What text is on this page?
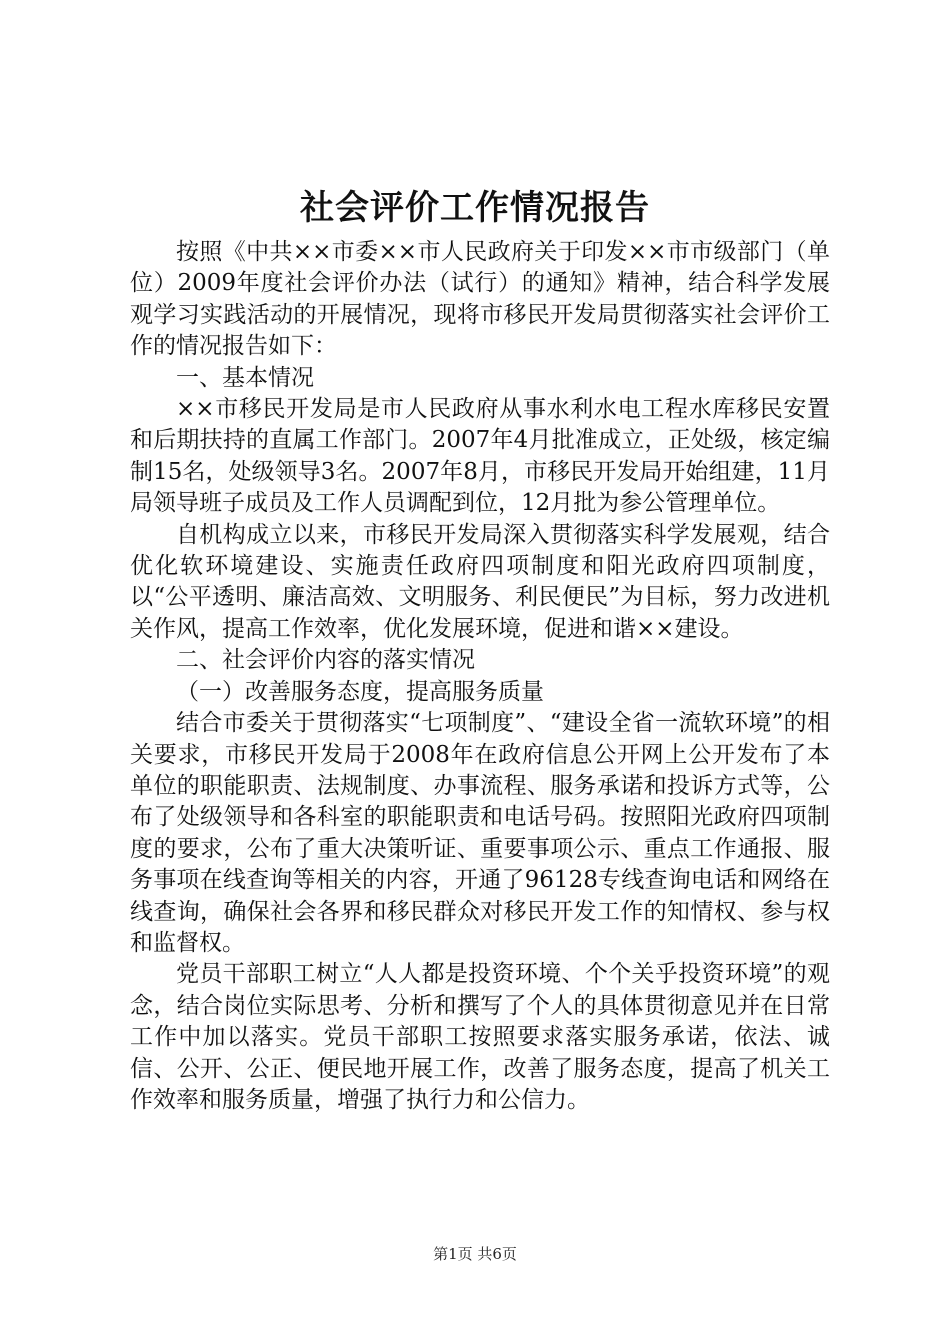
社会评价工作情况报告

按照《中共××市委××市人民政府关于印发××市市级部门（单位）2009年度社会评价办法（试行）的通知》精神，结合科学发展观学习实践活动的开展情况，现将市移民开发局贯彻落实社会评价工作的情况报告如下：

一、基本情况

××市移民开发局是市人民政府从事水利水电工程水库移民安置和后期扶持的直属工作部门。2007年4月批准成立，正处级，核定编制15名，处级领导3名。2007年8月，市移民开发局开始组建，11月局领导班子成员及工作人员调配到位，12月批为参公管理单位。

自机构成立以来，市移民开发局深入贯彻落实科学发展观，结合优化软环境建设、实施责任政府四项制度和阳光政府四项制度，以“公平透明、廉洁高效、文明服务、利民便民”为目标，努力改进机关作风，提高工作效率，优化发展环境，促进和谐××建设。

二、社会评价内容的落实情况

（一）改善服务态度，提高服务质量

结合市委关于贯彻落实“七项制度”、“建设全省一流软环境”的相关要求，市移民开发局于2008年在政府信息公开网上公开发布了本单位的职能职责、法规制度、办事流程、服务承诺和投诉方式等，公布了处级领导和各科室的职能职责和电话号码。按照阳光政府四项制度的要求，公布了重大决策听证、重要事项公示、重点工作通报、服务事项在线查询等相关的内容，开通了96128专线查询电话和网络在线查询，确保社会各界和移民群众对移民开发工作的知情权、参与权和监督权。

党员干部职工树立“人人都是投资环境、个个关乎投资环境”的观念，结合岗位实际思考、分析和撰写了个人的具体贯彻意见并在日常工作中加以落实。党员干部职工按照要求落实服务承诺，依法、诚信、公开、公正、便民地开展工作，改善了服务态度，提高了机关工作效率和服务质量，增强了执行力和公信力。

第1页 共6页
